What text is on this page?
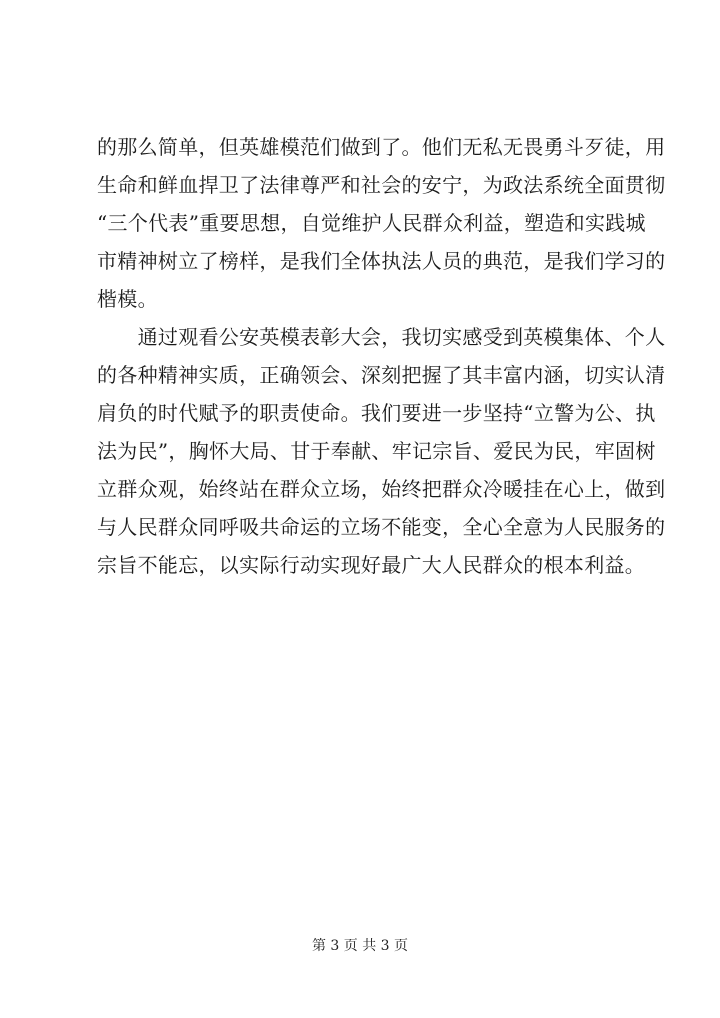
的那么简单，但英雄模范们做到了。他们无私无畏勇斗歹徒，用
生命和鲜血捍卫了法律尊严和社会的安宁，为政法系统全面贯彻
“三个代表”重要思想，自觉维护人民群众利益，塑造和实践城
市精神树立了榜样，是我们全体执法人员的典范，是我们学习的
楷模。
　　通过观看公安英模表彰大会，我切实感受到英模集体、个人
的各种精神实质，正确领会、深刻把握了其丰富内涵，切实认清
肩负的时代赋予的职责使命。我们要进一步坚持“立警为公、执
法为民”，胸怀大局、甘于奉献、牢记宗旨、爱民为民，牢固树
立群众观，始终站在群众立场，始终把群众冷暖挂在心上，做到
与人民群众同呼吸共命运的立场不能变，全心全意为人民服务的
宗旨不能忘，以实际行动实现好最广大人民群众的根本利益。
第 3 页 共 3 页
